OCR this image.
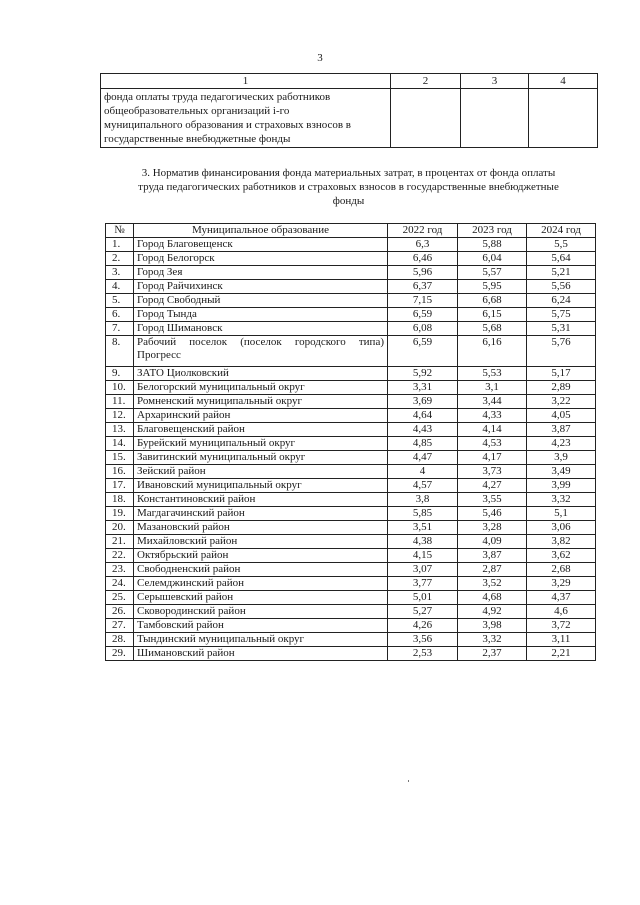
3
1	2	3	4

фонда оплаты труда педагогических работников
общеобразовательных организаций i-го
муниципального образования и страховых взносов в
государственные внебюджетные фонды			

3. Норматив финансирования фонда материальных затрат, в процентах от фонда оплаты
труда педагогических работников и страховых взносов в государственные внебюджетные
фонды
№	Муниципальное образование	2022 год	2023 год	2024 год
1.	Город Благовещенск	6,3	5,88	5,5
2.	Город Белогорск	6,46	6,04	5,64
3.	Город Зея	5,96	5,57	5,21
4.	Город Райчихинск	6,37	5,95	5,56
5.	Город Свободный	7,15	6,68	6,24
6.	Город Тында	6,59	6,15	5,75
7.	Город Шимановск	6,08	5,68	5,31
8.	Рабочий поселок (поселок городского типа) Прогресс	6,59	6,16	5,76
9.	ЗАТО Циолковский	5,92	5,53	5,17
10.	Белогорский муниципальный округ	3,31	3,1	2,89
11.	Ромненский муниципальный округ	3,69	3,44	3,22
12.	Архаринский район	4,64	4,33	4,05
13.	Благовещенский район	4,43	4,14	3,87
14.	Бурейский муниципальный округ	4,85	4,53	4,23
15.	Завитинский муниципальный округ	4,47	4,17	3,9
16.	Зейский район	4	3,73	3,49
17.	Ивановский муниципальный округ	4,57	4,27	3,99
18.	Константиновский район	3,8	3,55	3,32
19.	Магдагачинский район	5,85	5,46	5,1
20.	Мазановский район	3,51	3,28	3,06
21.	Михайловский район	4,38	4,09	3,82
22.	Октябрьский район	4,15	3,87	3,62
23.	Свободненский район	3,07	2,87	2,68
24.	Селемджинский район	3,77	3,52	3,29
25.	Серышевский район	5,01	4,68	4,37
26.	Сковородинский район	5,27	4,92	4,6
27.	Тамбовский район	4,26	3,98	3,72
28.	Тындинский муниципальный округ	3,56	3,32	3,11
29.	Шимановский район	2,53	2,37	2,21
